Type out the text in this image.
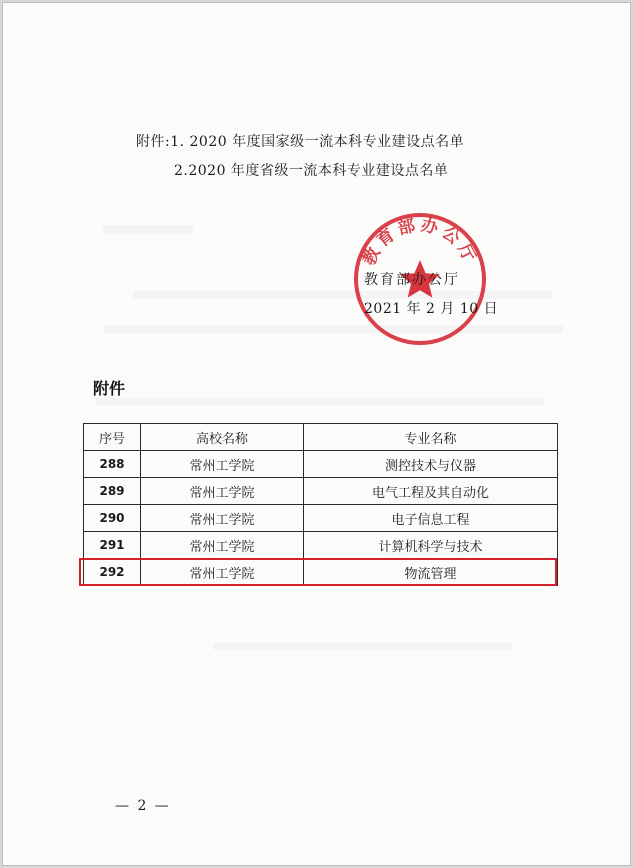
附件:1. 2020 年度国家级一流本科专业建设点名单
2.2020 年度省级一流本科专业建设点名单
教育部办公厅
教育部办公厅
2021 年 2 月 10 日
附件
序号	高校名称	专业名称
288	常州工学院	测控技术与仪器
289	常州工学院	电气工程及其自动化
290	常州工学院	电子信息工程
291	常州工学院	计算机科学与技术
292	常州工学院	物流管理
— 2 —
